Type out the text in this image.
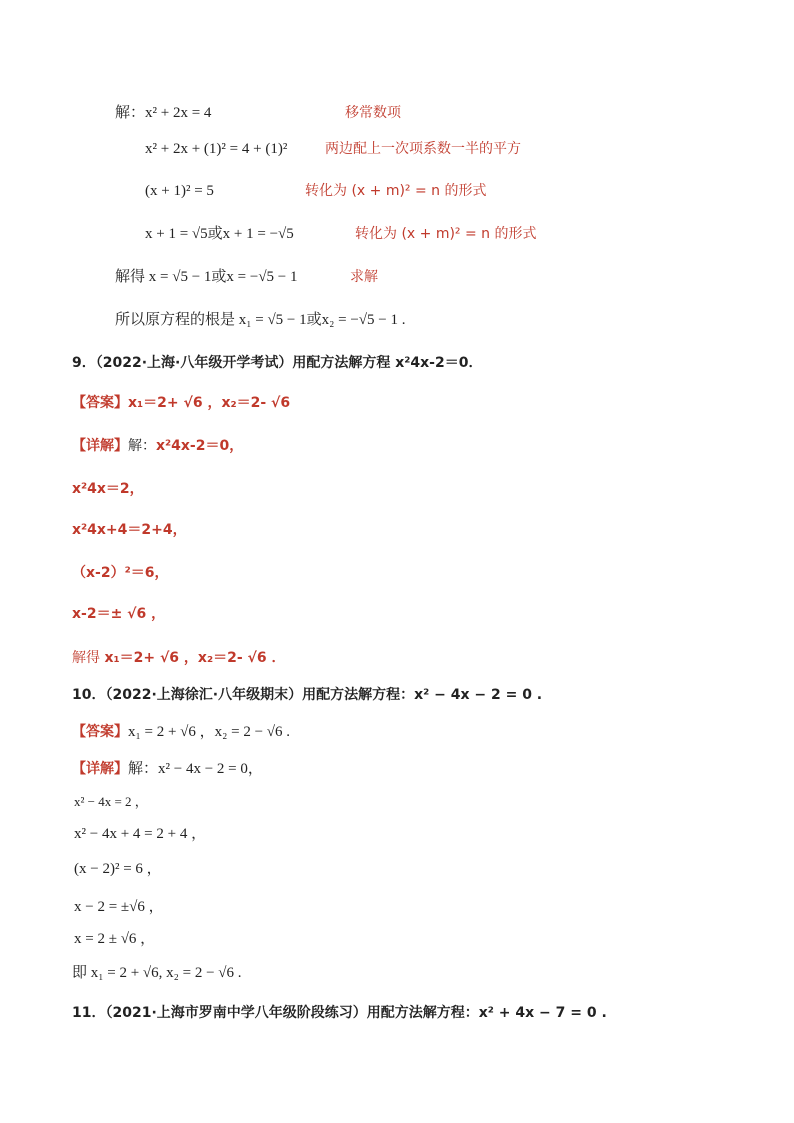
解：x² + 2x = 4	移常数项
x² + 2x + (1)² = 4 + (1)²	两边配上一次项系数一半的平方
(x + 1)² = 5	转化为 (x + m)² = n 的形式
x + 1 = √5或x + 1 = −√5	转化为 (x + m)² = n 的形式
解得 x = √5 − 1或x = −√5 − 1	求解
所以原方程的根是 x₁ = √5 − 1或x₂ = −√5 − 1 .
9．（2022·上海·八年级开学考试）用配方法解方程 x²4x-2＝0．
【答案】x₁＝2+ √6 ，x₂＝2- √6
【详解】解：x²4x-2＝0，
x²4x＝2，
x²4x+4＝2+4，
（x-2）²＝6，
x-2＝± √6 ，
解得 x₁＝2+ √6 ，x₂＝2- √6 ．
10．（2022·上海徐汇·八年级期末）用配方法解方程：x² − 4x − 2 = 0 .
【答案】x₁ = 2 + √6 ，x₂ = 2 − √6 .
【详解】解：x² − 4x − 2 = 0，
x² − 4x = 2 ，
x² − 4x + 4 = 2 + 4 ，
(x − 2)² = 6 ，
x − 2 = ±√6 ，
x = 2 ± √6 ，
即 x₁ = 2 + √6, x₂ = 2 − √6 .
11．（2021·上海市罗南中学八年级阶段练习）用配方法解方程：x² + 4x − 7 = 0 .
